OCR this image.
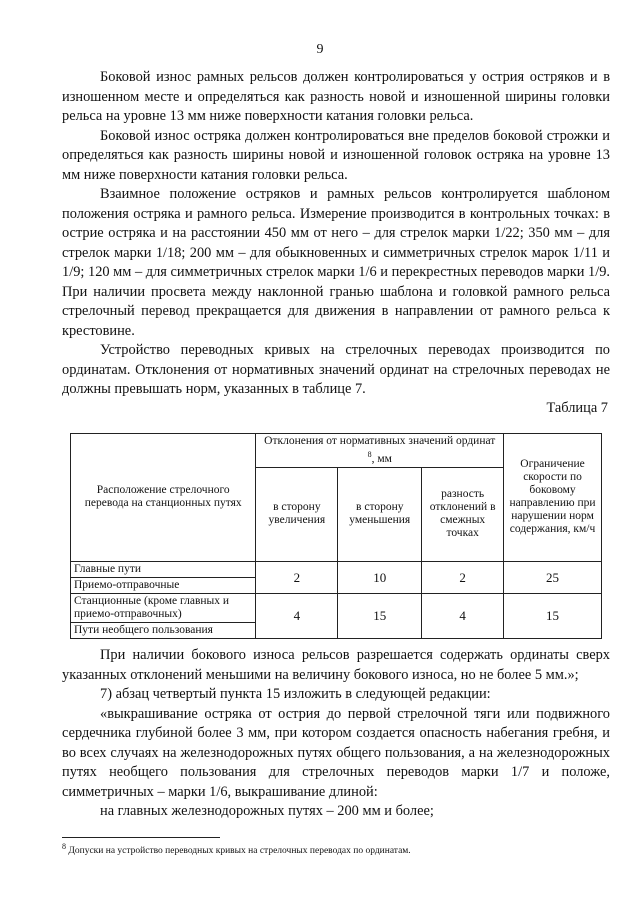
9

Боковой износ рамных рельсов должен контролироваться у острия остряков и в изношенном месте и определяться как разность новой и изношенной ширины головки рельса на уровне 13 мм ниже поверхности катания головки рельса.

Боковой износ остряка должен контролироваться вне пределов боковой строжки и определяться как разность ширины новой и изношенной головок остряка на уровне 13 мм ниже поверхности катания головки рельса.

Взаимное положение остряков и рамных рельсов контролируется шаблоном положения остряка и рамного рельса. Измерение производится в контрольных точках: в острие остряка и на расстоянии 450 мм от него – для стрелок марки 1/22; 350 мм – для стрелок марки 1/18; 200 мм – для обыкновенных и симметричных стрелок марок 1/11 и 1/9; 120 мм – для симметричных стрелок марки 1/6 и перекрестных переводов марки 1/9. При наличии просвета между наклонной гранью шаблона и головкой рамного рельса стрелочный перевод прекращается для движения в направлении от рамного рельса к крестовине.

Устройство переводных кривых на стрелочных переводах производится по ординатам. Отклонения от нормативных значений ординат на стрелочных переводах не должны превышать норм, указанных в таблице 7.

Таблица 7
Расположение стрелочного перевода на станционных путях	Отклонения от нормативных значений ординат $^8$, мм			Ограничение скорости по боковому направлению при нарушении норм содержания, км/ч
	в сторону увеличения	в сторону уменьшения	разность отклонений в смежных точках	
Главные пути	2	10	2	25
Приемо-отправочные				
Станционные (кроме главных и приемо-отправочных)	4	15	4	15
Пути необщего пользования				

При наличии бокового износа рельсов разрешается содержать ординаты сверх указанных отклонений меньшими на величину бокового износа, но не более 5 мм.»;

7) абзац четвертый пункта 15 изложить в следующей редакции:

«выкрашивание остряка от острия до первой стрелочной тяги или подвижного сердечника глубиной более 3 мм, при котором создается опасность набегания гребня, и во всех случаях на железнодорожных путях общего пользования, а на железнодорожных путях необщего пользования для стрелочных переводов марки 1/7 и положе, симметричных – марки 1/6, выкрашивание длиной:

на главных железнодорожных путях – 200 мм и более;

$^8$ Допуски на устройство переводных кривых на стрелочных переводах по ординатам.
